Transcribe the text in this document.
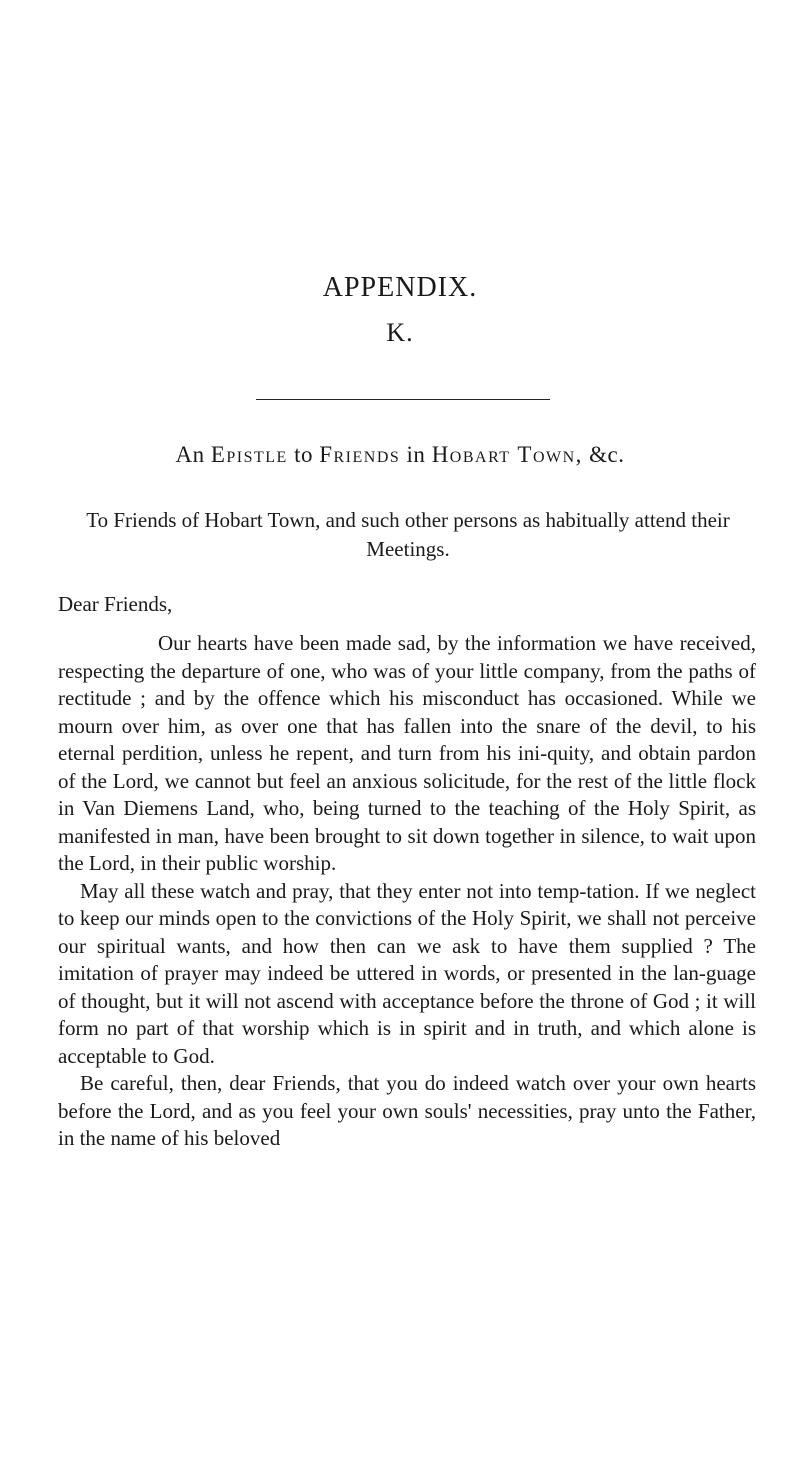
APPENDIX.
K.
An Epistle to Friends in Hobart Town, &c.
To Friends of Hobart Town, and such other persons as habitually attend their Meetings.
Dear Friends,

Our hearts have been made sad, by the information we have received, respecting the departure of one, who was of your little company, from the paths of rectitude ; and by the offence which his misconduct has occasioned. While we mourn over him, as over one that has fallen into the snare of the devil, to his eternal perdition, unless he repent, and turn from his ini-quity, and obtain pardon of the Lord, we cannot but feel an anxious solicitude, for the rest of the little flock in Van Diemens Land, who, being turned to the teaching of the Holy Spirit, as manifested in man, have been brought to sit down together in silence, to wait upon the Lord, in their public worship.

May all these watch and pray, that they enter not into temp-tation. If we neglect to keep our minds open to the convictions of the Holy Spirit, we shall not perceive our spiritual wants, and how then can we ask to have them supplied ? The imitation of prayer may indeed be uttered in words, or presented in the lan-guage of thought, but it will not ascend with acceptance before the throne of God ; it will form no part of that worship which is in spirit and in truth, and which alone is acceptable to God.

Be careful, then, dear Friends, that you do indeed watch over your own hearts before the Lord, and as you feel your own souls' necessities, pray unto the Father, in the name of his beloved
